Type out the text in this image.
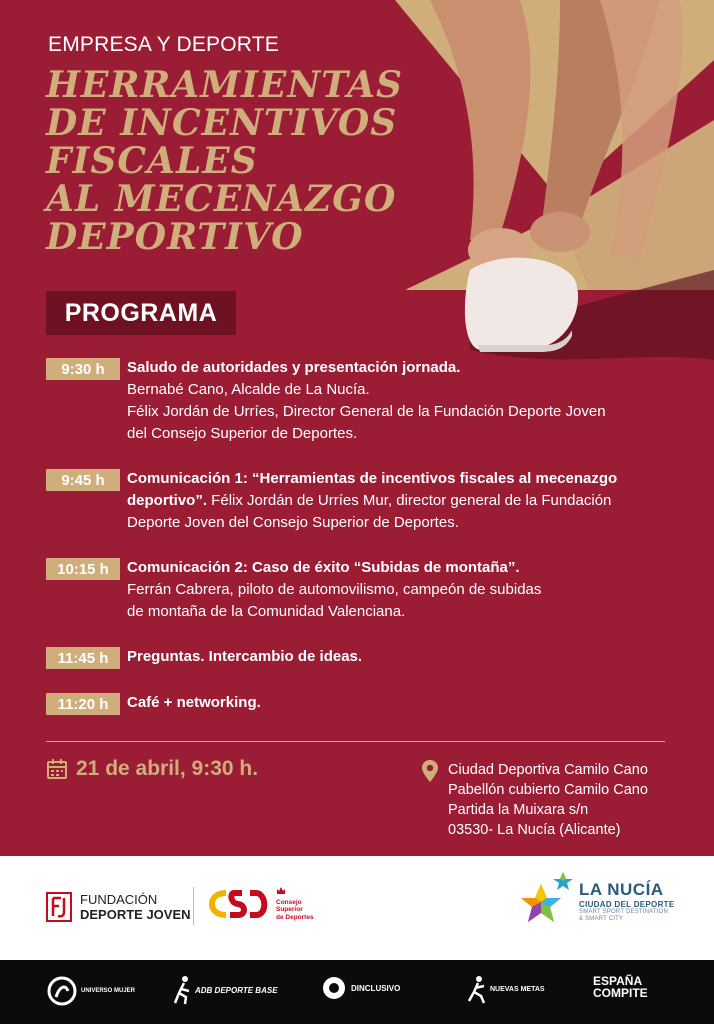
EMPRESA Y DEPORTE
HERRAMIENTAS
DE INCENTIVOS
FISCALES
AL MECENAZGO
DEPORTIVO
PROGRAMA
9:30 h	Saludo de autoridades y presentación jornada.
Bernabé Cano, Alcalde de La Nucía.
Félix Jordán de Urríes, Director General de la Fundación Deporte Joven
del Consejo Superior de Deportes.
9:45 h	Comunicación 1: “Herramientas de incentivos fiscales al mecenazgo
deportivo”. Félix Jordán de Urríes Mur, director general de la Fundación
Deporte Joven del Consejo Superior de Deportes.
10:15 h	Comunicación 2: Caso de éxito “Subidas de montaña”.
Ferrán Cabrera, piloto de automovilismo, campeón de subidas
de montaña de la Comunidad Valenciana.
11:45 h	Preguntas. Intercambio de ideas.
11:20 h	Café + networking.
21 de abril, 9:30 h.	Ciudad Deportiva Camilo Cano
Pabellón cubierto Camilo Cano
Partida la Muixara s/n
03530- La Nucía (Alicante)
FUNDACIÓN
DEPORTE JOVEN
Consejo
Superior
de Deportes
LA NUCÍA
CIUDAD DEL DEPORTE
SMART SPORT DESTINATION
& SMART CITY
UNIVERSO MUJER	ADB DEPORTE BASE	DINCLUSIVO	NUEVAS METAS
ESPAÑA
COMPITE
